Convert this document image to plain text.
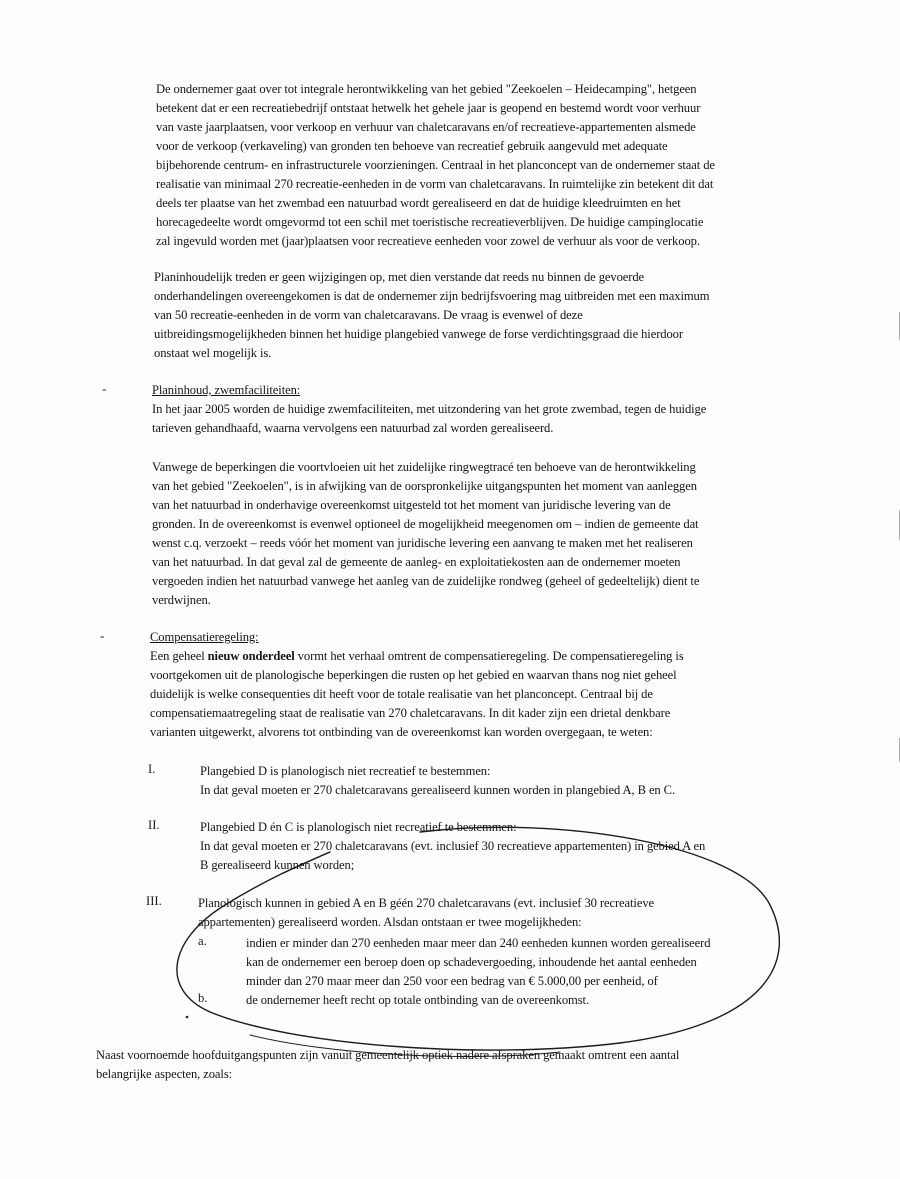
De ondernemer gaat over tot integrale herontwikkeling van het gebied "Zeekoelen – Heidecamping", hetgeen
betekent dat er een recreatiebedrijf ontstaat hetwelk het gehele jaar is geopend en bestemd wordt voor verhuur
van vaste jaarplaatsen, voor verkoop en verhuur van chaletcaravans en/of recreatieve-appartementen alsmede
voor de verkoop (verkaveling) van gronden ten behoeve van recreatief gebruik aangevuld met adequate
bijbehorende centrum- en infrastructurele voorzieningen. Centraal in het planconcept van de ondernemer staat de
realisatie van minimaal 270 recreatie-eenheden in de vorm van chaletcaravans. In ruimtelijke zin betekent dit dat
deels ter plaatse van het zwembad een natuurbad wordt gerealiseerd en dat de huidige kleedruimten en het
horecagedeelte wordt omgevormd tot een schil met toeristische recreatieverblijven. De huidige campinglocatie
zal ingevuld worden met (jaar)plaatsen voor recreatieve eenheden voor zowel de verhuur als voor de verkoop.
Planinhoudelijk treden er geen wijzigingen op, met dien verstande dat reeds nu binnen de gevoerde
onderhandelingen overeengekomen is dat de ondernemer zijn bedrijfsvoering mag uitbreiden met een maximum
van 50 recreatie-eenheden in de vorm van chaletcaravans. De vraag is evenwel of deze
uitbreidingsmogelijkheden binnen het huidige plangebied vanwege de forse verdichtingsgraad die hierdoor
onstaat wel mogelijk is.
-	Planinhoud, zwemfaciliteiten:
In het jaar 2005 worden de huidige zwemfaciliteiten, met uitzondering van het grote zwembad, tegen de huidige
tarieven gehandhaafd, waarna vervolgens een natuurbad zal worden gerealiseerd.
Vanwege de beperkingen die voortvloeien uit het zuidelijke ringwegtracé ten behoeve van de herontwikkeling
van het gebied "Zeekoelen", is in afwijking van de oorspronkelijke uitgangspunten het moment van aanleggen
van het natuurbad in onderhavige overeenkomst uitgesteld tot het moment van juridische levering van de
gronden. In de overeenkomst is evenwel optioneel de mogelijkheid meegenomen om – indien de gemeente dat
wenst c.q. verzoekt – reeds vóór het moment van juridische levering een aanvang te maken met het realiseren
van het natuurbad. In dat geval zal de gemeente de aanleg- en exploitatiekosten aan de ondernemer moeten
vergoeden indien het natuurbad vanwege het aanleg van de zuidelijke rondweg (geheel of gedeeltelijk) dient te
verdwijnen.
-	Compensatieregeling:
Een geheel nieuw onderdeel vormt het verhaal omtrent de compensatieregeling. De compensatieregeling is
voortgekomen uit de planologische beperkingen die rusten op het gebied en waarvan thans nog niet geheel
duidelijk is welke consequenties dit heeft voor de totale realisatie van het planconcept. Centraal bij de
compensatiemaatregeling staat de realisatie van 270 chaletcaravans. In dit kader zijn een drietal denkbare
varianten uitgewerkt, alvorens tot ontbinding van de overeenkomst kan worden overgegaan, te weten:
I.	Plangebied D is planologisch niet recreatief te bestemmen:
In dat geval moeten er 270 chaletcaravans gerealiseerd kunnen worden in plangebied A, B en C.
II.	Plangebied D én C is planologisch niet recreatief te bestemmen:
In dat geval moeten er 270 chaletcaravans (evt. inclusief 30 recreatieve appartementen) in gebied A en
B gerealiseerd kunnen worden;
III.	Planologisch kunnen in gebied A en B géén 270 chaletcaravans (evt. inclusief 30 recreatieve
appartementen) gerealiseerd worden. Alsdan ontstaan er twee mogelijkheden:
a.	indien er minder dan 270 eenheden maar meer dan 240 eenheden kunnen worden gerealiseerd
kan de ondernemer een beroep doen op schadevergoeding, inhoudende het aantal eenheden
minder dan 270 maar meer dan 250 voor een bedrag van € 5.000,00 per eenheid, of
b.	de ondernemer heeft recht op totale ontbinding van de overeenkomst.
Naast voornoemde hoofduitgangspunten zijn vanuit gemeentelijk optiek nadere afspraken gemaakt omtrent een aantal
belangrijke aspecten, zoals:
